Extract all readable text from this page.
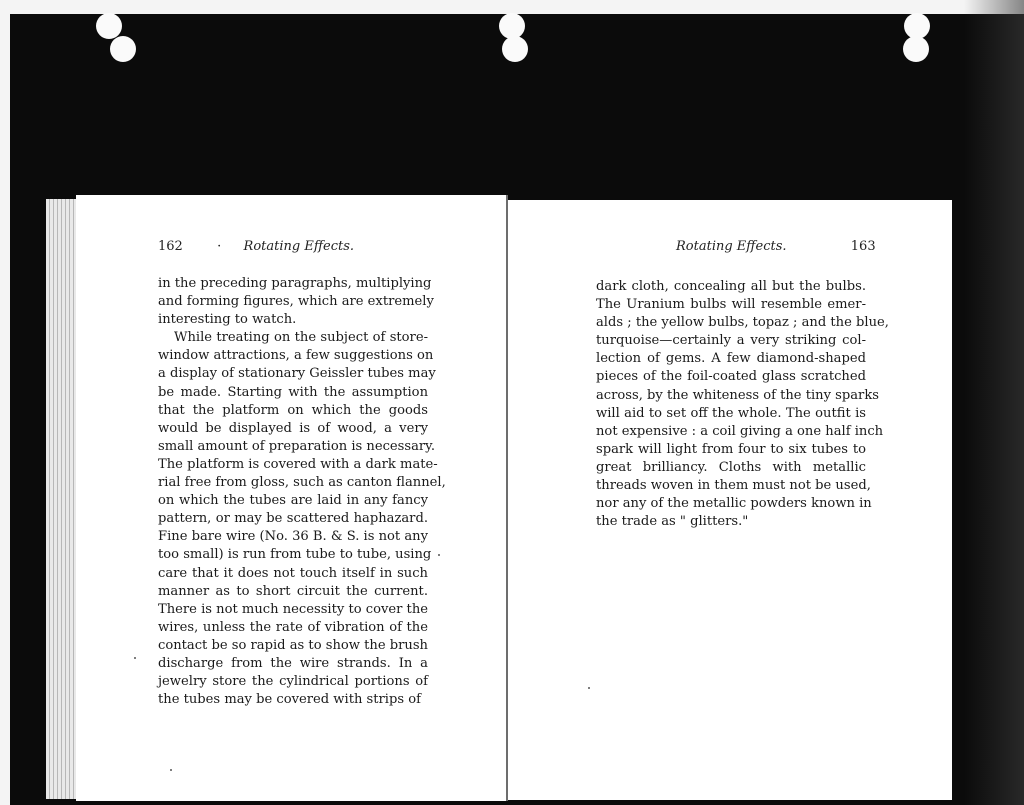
162	· Rotating Effects.
in the preceding paragraphs, multiplying
and forming figures, which are extremely
interesting to watch.
While treating on the subject of store-
window attractions, a few suggestions on
a display of stationary Geissler tubes may
be made. Starting with the assumption
that the platform on which the goods
would be displayed is of wood, a very
small amount of preparation is necessary.
The platform is covered with a dark mate-
rial free from gloss, such as canton flannel,
on which the tubes are laid in any fancy
pattern, or may be scattered haphazard.
Fine bare wire (No. 36 B. & S. is not any
too small) is run from tube to tube, using
care that it does not touch itself in such
manner as to short circuit the current.
There is not much necessity to cover the
wires, unless the rate of vibration of the
contact be so rapid as to show the brush
discharge from the wire strands. In a
jewelry store the cylindrical portions of
the tubes may be covered with strips of
Rotating Effects.	163
dark cloth, concealing all but the bulbs.
The Uranium bulbs will resemble emer-
alds ; the yellow bulbs, topaz ; and the blue,
turquoise—certainly a very striking col-
lection of gems. A few diamond-shaped
pieces of the foil-coated glass scratched
across, by the whiteness of the tiny sparks
will aid to set off the whole. The outfit is
not expensive : a coil giving a one half inch
spark will light from four to six tubes to
great brilliancy. Cloths with metallic
threads woven in them must not be used,
nor any of the metallic powders known in
the trade as " glitters."
